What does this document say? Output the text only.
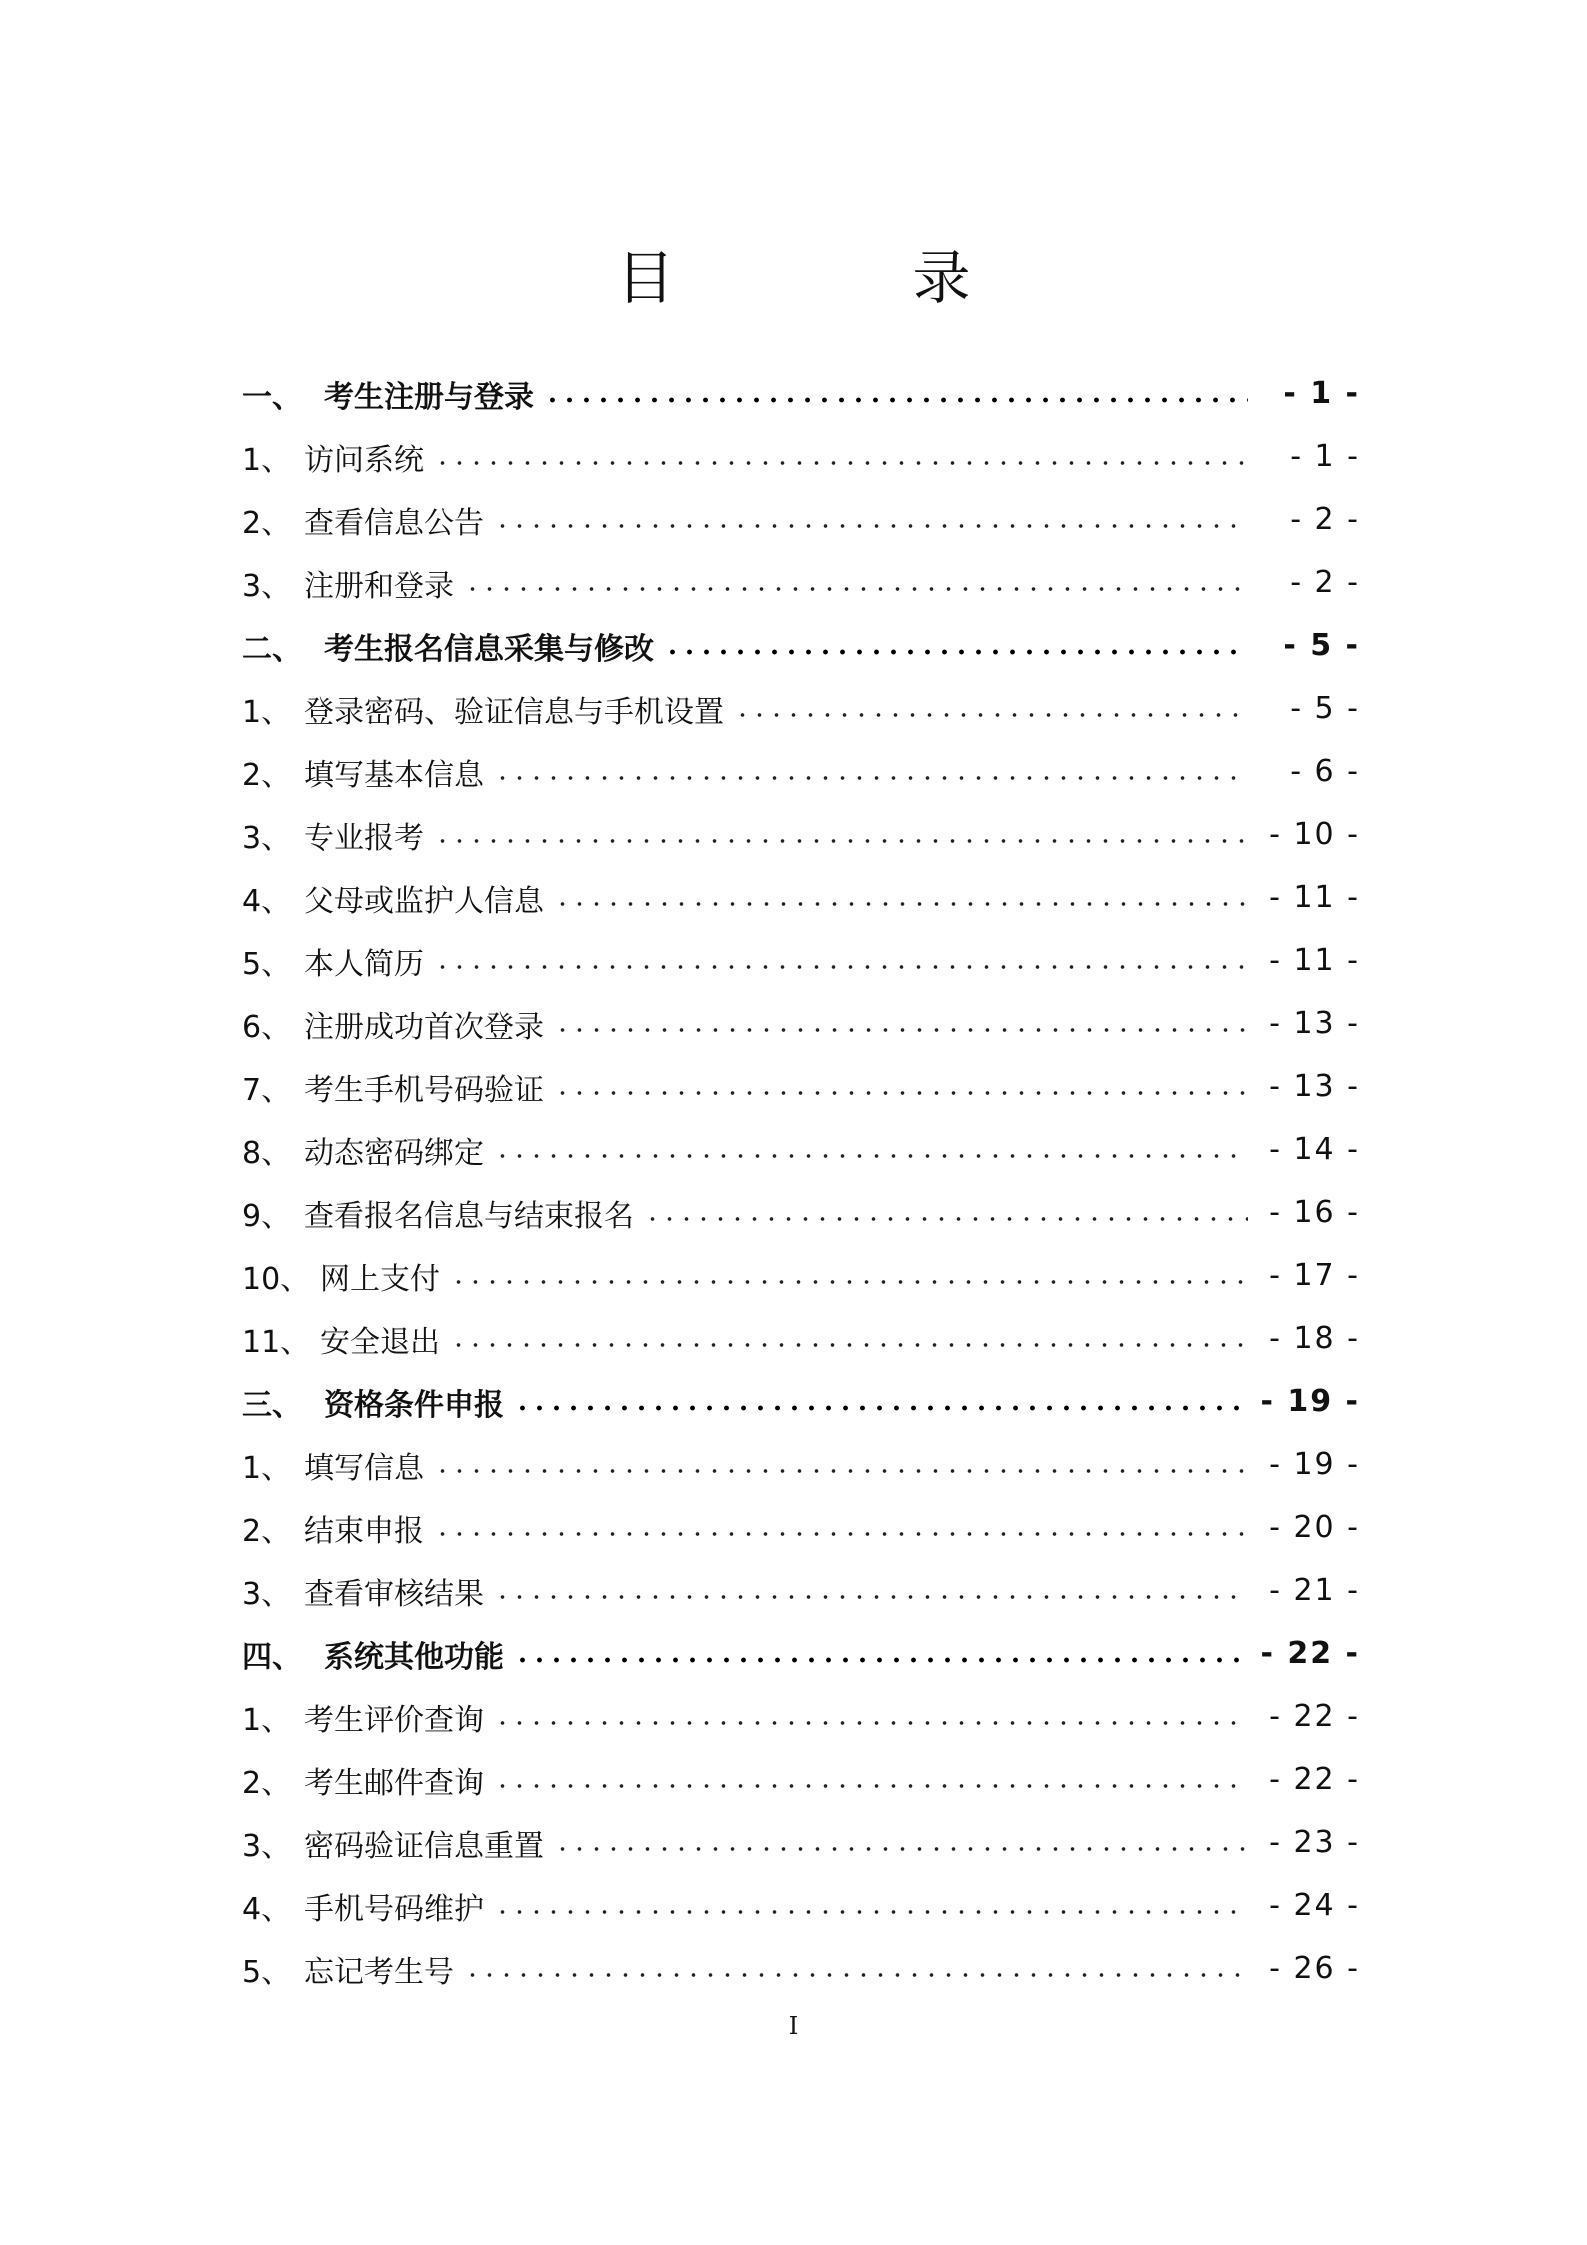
目　录
一、 考生注册与登录	- 1 -
1、 访问系统	- 1 -
2、 查看信息公告	- 2 -
3、 注册和登录	- 2 -
二、 考生报名信息采集与修改	- 5 -
1、 登录密码、验证信息与手机设置	- 5 -
2、 填写基本信息	- 6 -
3、 专业报考	- 10 -
4、 父母或监护人信息	- 11 -
5、 本人简历	- 11 -
6、 注册成功首次登录	- 13 -
7、 考生手机号码验证	- 13 -
8、 动态密码绑定	- 14 -
9、 查看报名信息与结束报名	- 16 -
10、 网上支付	- 17 -
11、 安全退出	- 18 -
三、 资格条件申报	- 19 -
1、 填写信息	- 19 -
2、 结束申报	- 20 -
3、 查看审核结果	- 21 -
四、 系统其他功能	- 22 -
1、 考生评价查询	- 22 -
2、 考生邮件查询	- 22 -
3、 密码验证信息重置	- 23 -
4、 手机号码维护	- 24 -
5、 忘记考生号	- 26 -
I
